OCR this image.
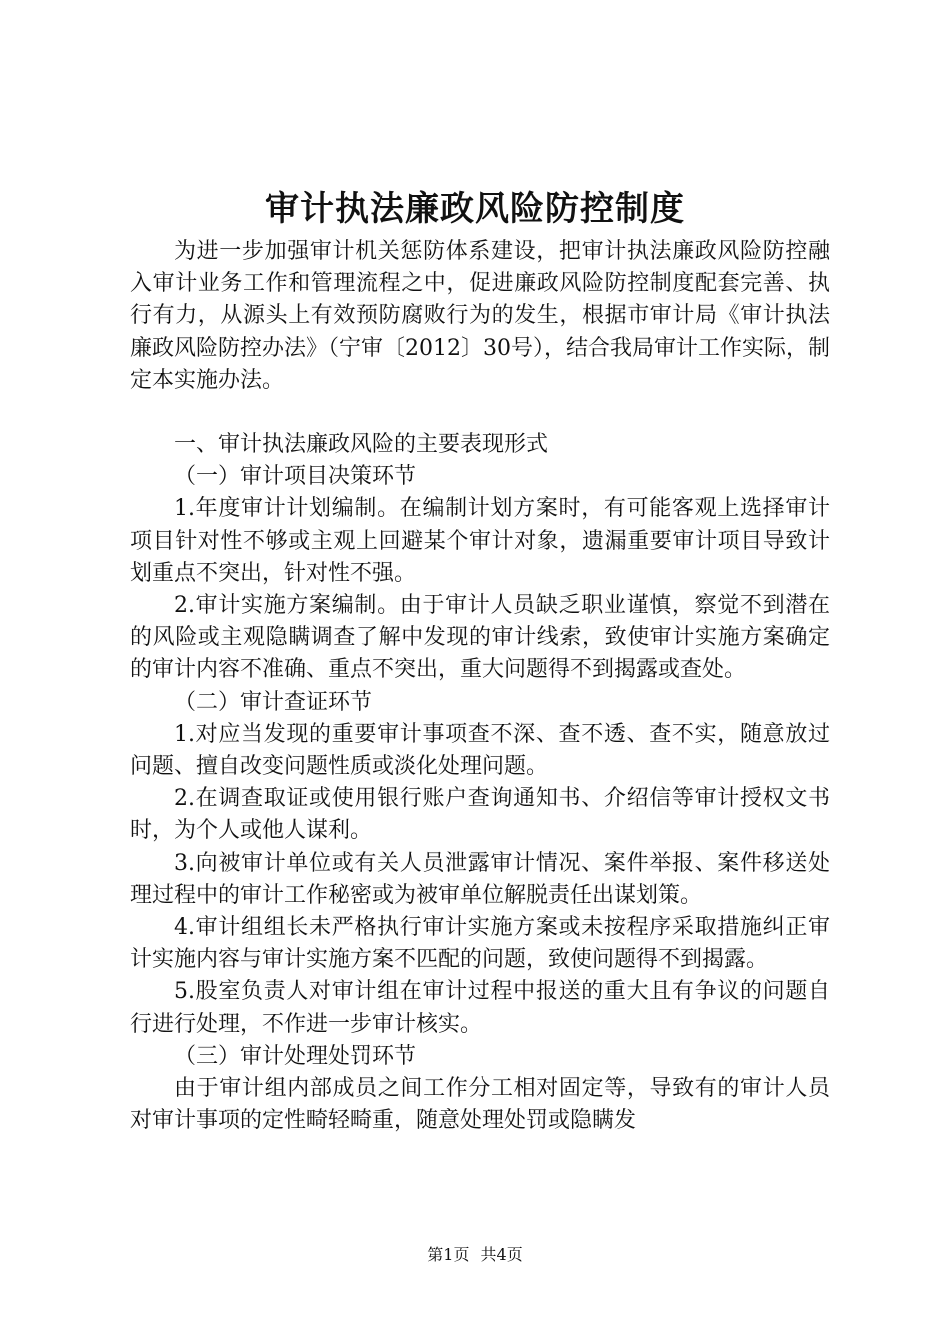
审计执法廉政风险防控制度

为进一步加强审计机关惩防体系建设，把审计执法廉政风险防控融入审计业务工作和管理流程之中，促进廉政风险防控制度配套完善、执行有力，从源头上有效预防腐败行为的发生，根据市审计局《审计执法廉政风险防控办法》（宁审〔2012〕30号），结合我局审计工作实际，制定本实施办法。

一、审计执法廉政风险的主要表现形式

（一）审计项目决策环节

1.年度审计计划编制。在编制计划方案时，有可能客观上选择审计项目针对性不够或主观上回避某个审计对象，遗漏重要审计项目导致计划重点不突出，针对性不强。

2.审计实施方案编制。由于审计人员缺乏职业谨慎，察觉不到潜在的风险或主观隐瞒调查了解中发现的审计线索，致使审计实施方案确定的审计内容不准确、重点不突出，重大问题得不到揭露或查处。

（二）审计查证环节

1.对应当发现的重要审计事项查不深、查不透、查不实，随意放过问题、擅自改变问题性质或淡化处理问题。

2.在调查取证或使用银行账户查询通知书、介绍信等审计授权文书时，为个人或他人谋利。

3.向被审计单位或有关人员泄露审计情况、案件举报、案件移送处理过程中的审计工作秘密或为被审单位解脱责任出谋划策。

4.审计组组长未严格执行审计实施方案或未按程序采取措施纠正审计实施内容与审计实施方案不匹配的问题，致使问题得不到揭露。

5.股室负责人对审计组在审计过程中报送的重大且有争议的问题自行进行处理，不作进一步审计核实。

（三）审计处理处罚环节

由于审计组内部成员之间工作分工相对固定等，导致有的审计人员对审计事项的定性畸轻畸重，随意处理处罚或隐瞒发

第1页 共4页
